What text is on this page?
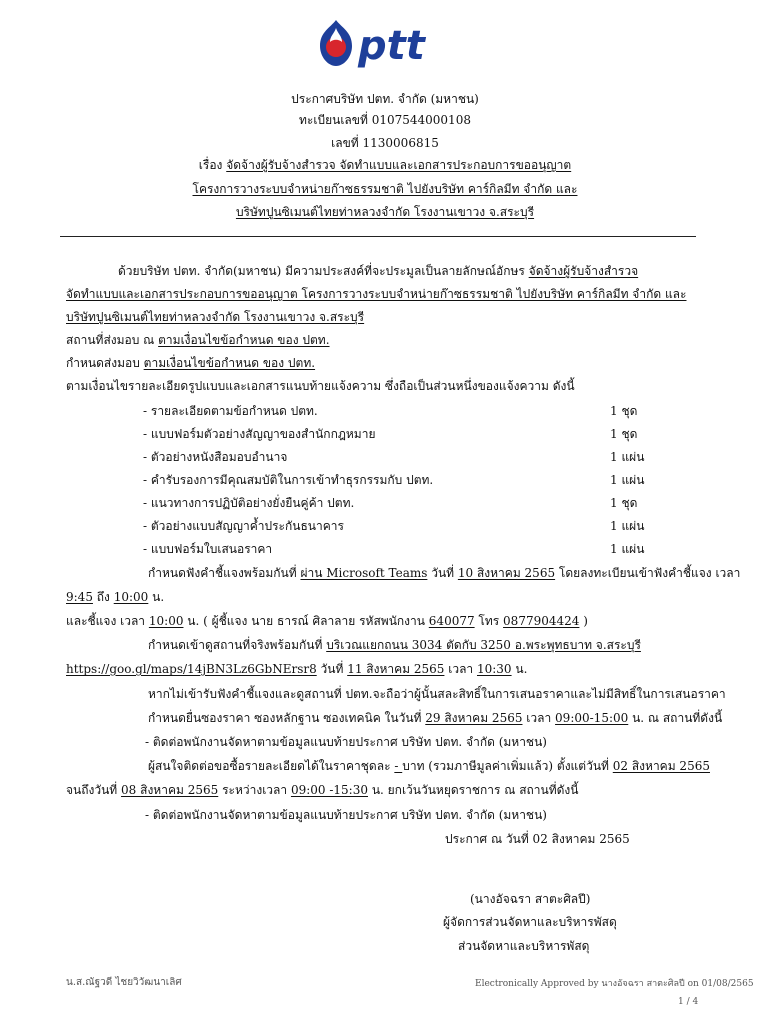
ptt
ประกาศบริษัท ปตท. จำกัด (มหาชน)
ทะเบียนเลขที่ 0107544000108
เลขที่ 1130006815
เรื่อง จัดจ้างผู้รับจ้างสำรวจ จัดทำแบบและเอกสารประกอบการขออนุญาต
โครงการวางระบบจำหน่ายก๊าซธรรมชาติ ไปยังบริษัท คาร์กิลมีท จำกัด และ
บริษัทปูนซิเมนต์ไทยท่าหลวงจำกัด โรงงานเขาวง จ.สระบุรี
ด้วยบริษัท ปตท. จำกัด(มหาชน) มีความประสงค์ที่จะประมูลเป็นลายลักษณ์อักษร จัดจ้างผู้รับจ้างสำรวจ
จัดทำแบบและเอกสารประกอบการขออนุญาต โครงการวางระบบจำหน่ายก๊าซธรรมชาติ ไปยังบริษัท คาร์กิลมีท จำกัด และ
บริษัทปูนซิเมนต์ไทยท่าหลวงจำกัด โรงงานเขาวง จ.สระบุรี
สถานที่ส่งมอบ ณ ตามเงื่อนไขข้อกำหนด ของ ปตท.
กำหนดส่งมอบ ตามเงื่อนไขข้อกำหนด ของ ปตท.
ตามเงื่อนไขรายละเอียดรูปแบบและเอกสารแนบท้ายแจ้งความ ซึ่งถือเป็นส่วนหนึ่งของแจ้งความ ดังนี้
- รายละเอียดตามข้อกำหนด ปตท.	1 ชุด
- แบบฟอร์มตัวอย่างสัญญาของสำนักกฎหมาย	1 ชุด
- ตัวอย่างหนังสือมอบอำนาจ	1 แผ่น
- คำรับรองการมีคุณสมบัติในการเข้าทำธุรกรรมกับ ปตท.	1 แผ่น
- แนวทางการปฏิบัติอย่างยั่งยืนคู่ค้า ปตท.	1 ชุด
- ตัวอย่างแบบสัญญาค้ำประกันธนาคาร	1 แผ่น
- แบบฟอร์มใบเสนอราคา	1 แผ่น
กำหนดฟังคำชี้แจงพร้อมกันที่ ผ่าน Microsoft Teams วันที่ 10 สิงหาคม 2565 โดยลงทะเบียนเข้าฟังคำชี้แจง เวลา
9:45 ถึง 10:00 น.
และชี้แจง เวลา 10:00 น. ( ผู้ชี้แจง นาย ธารณ์ ศิลาลาย รหัสพนักงาน 640077 โทร 0877904424 )
กำหนดเข้าดูสถานที่จริงพร้อมกันที่ บริเวณแยกถนน 3034 ตัดกับ 3250 อ.พระพุทธบาท จ.สระบุรี
https://goo.gl/maps/14jBN3Lz6GbNErsr8 วันที่ 11 สิงหาคม 2565 เวลา 10:30 น.
หากไม่เข้ารับฟังคำชี้แจงและดูสถานที่ ปตท.จะถือว่าผู้นั้นสละสิทธิ์ในการเสนอราคาและไม่มีสิทธิ์ในการเสนอราคา
กำหนดยื่นซองราคา ซองหลักฐาน ซองเทคนิค ในวันที่ 29 สิงหาคม 2565 เวลา 09:00-15:00 น. ณ สถานที่ดังนี้
- ติดต่อพนักงานจัดหาตามข้อมูลแนบท้ายประกาศ บริษัท ปตท. จำกัด (มหาชน)
ผู้สนใจติดต่อขอซื้อรายละเอียดได้ในราคาชุดละ - บาท (รวมภาษีมูลค่าเพิ่มแล้ว) ตั้งแต่วันที่ 02 สิงหาคม 2565
จนถึงวันที่ 08 สิงหาคม 2565 ระหว่างเวลา 09:00 -15:30 น. ยกเว้นวันหยุดราชการ ณ สถานที่ดังนี้
- ติดต่อพนักงานจัดหาตามข้อมูลแนบท้ายประกาศ บริษัท ปตท. จำกัด (มหาชน)
ประกาศ ณ วันที่ 02 สิงหาคม 2565
(นางอัจฉรา สาตะศิลปี)
ผู้จัดการส่วนจัดหาและบริหารพัสดุ
ส่วนจัดหาและบริหารพัสดุ
น.ส.ณัฐวดี ไชยวิวัฒนาเลิศ	Electronically Approved by นางอัจฉรา สาตะศิลปี on 01/08/2565
1 / 4
